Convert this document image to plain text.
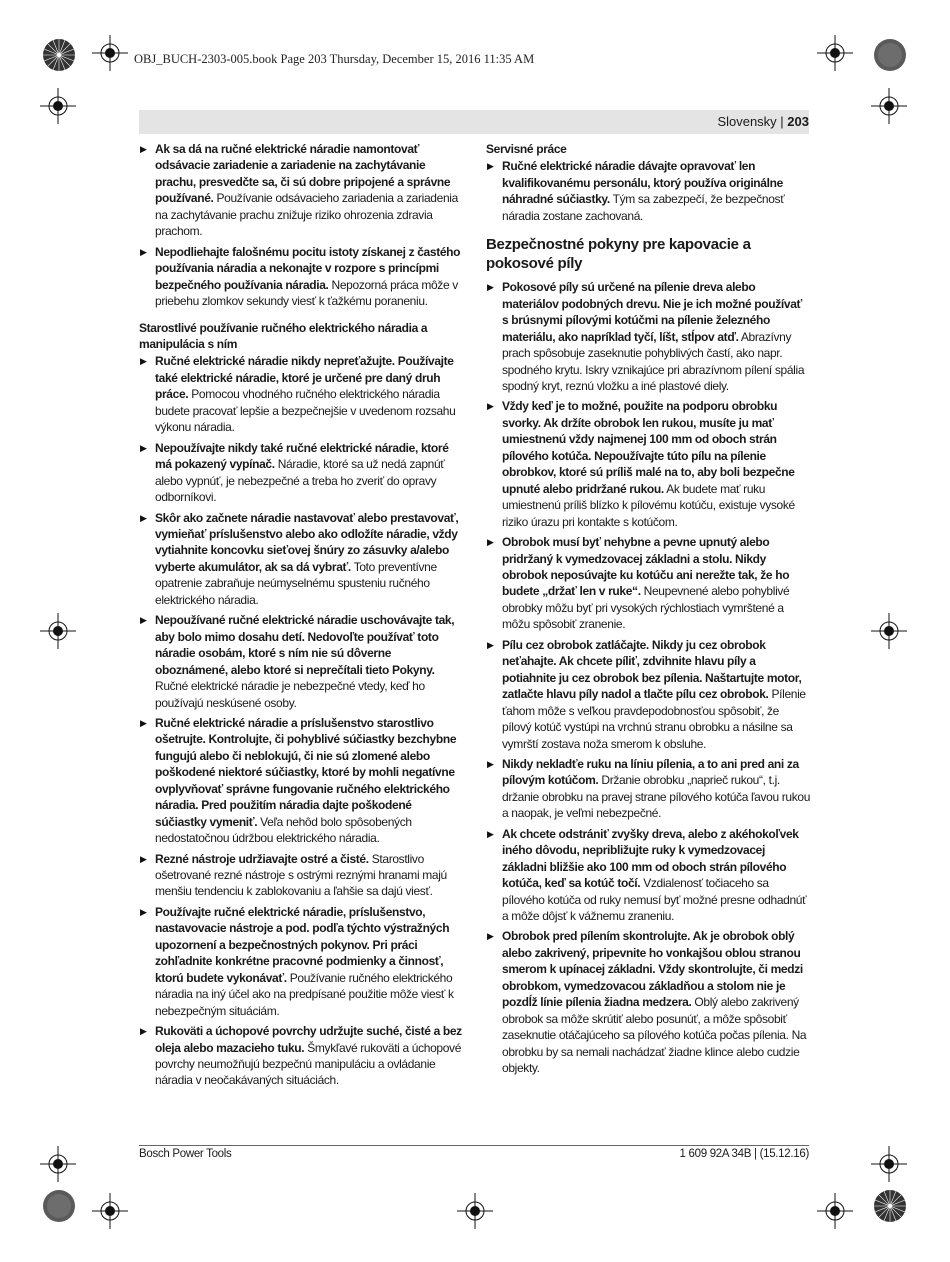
OBJ_BUCH-2303-005.book Page 203 Thursday, December 15, 2016 11:35 AM
Slovensky | 203
▶ Ak sa dá na ručné elektrické náradie namontovať odsávacie zariadenie a zariadenie na zachytávanie prachu, presvedčte sa, či sú dobre pripojené a správne používané. Používanie odsávacieho zariadenia a zariadenia na zachytávanie prachu znižuje riziko ohrozenia zdravia prachom.
▶ Nepodliehajte falošnému pocitu istoty získanej z častého používania náradia a nekonajte v rozpore s princípmi bezpečného používania náradia. Nepozorná práca môže v priebehu zlomkov sekundy viesť k ťažkému poraneniu.
Starostlivé používanie ručného elektrického náradia a manipulácia s ním
▶ Ručné elektrické náradie nikdy nepreťažujte. Používajte také elektrické náradie, ktoré je určené pre daný druh práce. Pomocou vhodného ručného elektrického náradia budete pracovať lepšie a bezpečnejšie v uvedenom rozsahu výkonu náradia.
▶ Nepoužívajte nikdy také ručné elektrické náradie, ktoré má pokazený vypínač. Náradie, ktoré sa už nedá zapnúť alebo vypnúť, je nebezpečné a treba ho zveriť do opravy odborníkovi.
▶ Skôr ako začnete náradie nastavovať alebo prestavovať, vymieňať príslušenstvo alebo ako odložíte náradie, vždy vytiahnite koncovku sieťovej šnúry zo zásuvky a/alebo vyberte akumulátor, ak sa dá vybrať. Toto preventívne opatrenie zabraňuje neúmyselnému spusteniu ručného elektrického náradia.
▶ Nepoužívané ručné elektrické náradie uschovávajte tak, aby bolo mimo dosahu detí. Nedovoľte používať toto náradie osobám, ktoré s ním nie sú dôverne oboznámené, alebo ktoré si neprečítali tieto Pokyny. Ručné elektrické náradie je nebezpečné vtedy, keď ho používajú neskúsené osoby.
▶ Ručné elektrické náradie a príslušenstvo starostlivo ošetrujte. Kontrolujte, či pohyblivé súčiastky bezchybne fungujú alebo či neblokujú, či nie sú zlomené alebo poškodené niektoré súčiastky, ktoré by mohli negatívne ovplyvňovať správne fungovanie ručného elektrického náradia. Pred použitím náradia dajte poškodené súčiastky vymeniť. Veľa nehôd bolo spôsobených nedostatočnou údržbou elektrického náradia.
▶ Rezné nástroje udržiavajte ostré a čisté. Starostlivo ošetrované rezné nástroje s ostrými reznými hranami majú menšiu tendenciu k zablokovaniu a ľahšie sa dajú viesť.
▶ Používajte ručné elektrické náradie, príslušenstvo, nastavovacie nástroje a pod. podľa týchto výstražných upozornení a bezpečnostných pokynov. Pri práci zohľadnite konkrétne pracovné podmienky a činnosť, ktorú budete vykonávať. Používanie ručného elektrického náradia na iný účel ako na predpísané použitie môže viesť k nebezpečným situáciám.
▶ Rukoväti a úchopové povrchy udržujte suché, čisté a bez oleja alebo mazacieho tuku. Šmykľavé rukoväti a úchopové povrchy neumožňujú bezpečnú manipuláciu a ovládanie náradia v neočakávaných situáciách.
Servisné práce
▶ Ručné elektrické náradie dávajte opravovať len kvalifikovanému personálu, ktorý používa originálne náhradné súčiastky. Tým sa zabezpečí, že bezpečnosť náradia zostane zachovaná.
Bezpečnostné pokyny pre kapovacie a pokosové píly
▶ Pokosové píly sú určené na pílenie dreva alebo materiálov podobných drevu. Nie je ich možné používať s brúsnymi pílovými kotúčmi na pílenie železného materiálu, ako napríklad tyčí, líšt, stĺpov atď. Abrazívny prach spôsobuje zaseknutie pohyblivých častí, ako napr. spodného krytu. Iskry vznikajúce pri abrazívnom pílení spália spodný kryt, reznú vložku a iné plastové diely.
▶ Vždy keď je to možné, použite na podporu obrobku svorky. Ak držíte obrobok len rukou, musíte ju mať umiestnenú vždy najmenej 100 mm od oboch strán pílového kotúča. Nepoužívajte túto pílu na pílenie obrobkov, ktoré sú príliš malé na to, aby boli bezpečne upnuté alebo pridržané rukou. Ak budete mať ruku umiestnenú príliš blízko k pílovému kotúču, existuje vysoké riziko úrazu pri kontakte s kotúčom.
▶ Obrobok musí byť nehybne a pevne upnutý alebo pridržaný k vymedzovacej základni a stolu. Nikdy obrobok neposúvajte ku kotúču ani nerežte tak, že ho budete „držať len v ruke“. Neupevnené alebo pohyblivé obrobky môžu byť pri vysokých rýchlostiach vymrštené a môžu spôsobiť zranenie.
▶ Pílu cez obrobok zatláčajte. Nikdy ju cez obrobok neťahajte. Ak chcete píliť, zdvihnite hlavu píly a potiahnite ju cez obrobok bez pílenia. Naštartujte motor, zatlačte hlavu píly nadol a tlačte pílu cez obrobok. Pílenie ťahom môže s veľkou pravdepodobnosťou spôsobiť, že pílový kotúč vystúpi na vrchnú stranu obrobku a násilne sa vymrští zostava noža smerom k obsluhe.
▶ Nikdy nekladťe ruku na líniu pílenia, a to ani pred ani za pílovým kotúčom. Držanie obrobku „naprieč rukou“, t.j. držanie obrobku na pravej strane pílového kotúča ľavou rukou a naopak, je veľmi nebezpečné.
▶ Ak chcete odstrániť zvyšky dreva, alebo z akéhokoľvek iného dôvodu, nepribližujte ruky k vymedzovacej základni bližšie ako 100 mm od oboch strán pílového kotúča, keď sa kotúč točí. Vzdialenosť točiaceho sa pílového kotúča od ruky nemusí byť možné presne odhadnúť a môže dôjsť k vážnemu zraneniu.
▶ Obrobok pred pílením skontrolujte. Ak je obrobok oblý alebo zakrivený, pripevnite ho vonkajšou oblou stranou smerom k upínacej základni. Vždy skontrolujte, či medzi obrobkom, vymedzovacou základňou a stolom nie je pozdĺž línie pílenia žiadna medzera. Oblý alebo zakrivený obrobok sa môže skrútiť alebo posunúť, a môže spôsobiť zaseknutie otáčajúceho sa pílového kotúča počas pílenia. Na obrobku by sa nemali nachádzať žiadne klince alebo cudzie objekty.
Bosch Power Tools	1 609 92A 34B | (15.12.16)
